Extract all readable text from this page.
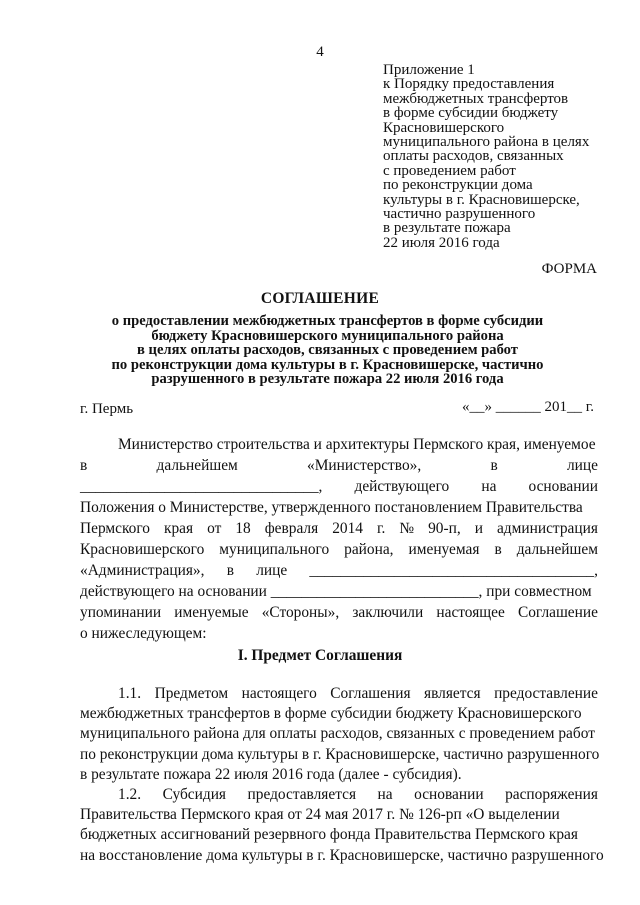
4
Приложение 1
к Порядку предоставления
межбюджетных трансфертов
в форме субсидии бюджету
Красновишерского
муниципального района в целях
оплаты расходов, связанных
с проведением работ
по реконструкции дома
культуры в г. Красновишерске,
частично разрушенного
в результате пожара
22 июля 2016 года
ФОРМА
СОГЛАШЕНИЕ
о предоставлении межбюджетных трансфертов в форме субсидии
бюджету Красновишерского муниципального района
в целях оплаты расходов, связанных с проведением работ
по реконструкции дома культуры в г. Красновишерске, частично
разрушенного в результате пожара 22 июля 2016 года
г. Пермь	«__» ______ 201__ г.
Министерство строительства и архитектуры Пермского края, именуемое
в	дальнейшем	«Министерство»,	в	лице
_______________________________, действующего на основании
Положения о Министерстве, утвержденного постановлением Правительства
Пермского края от 18 февраля 2014 г. № 90-п, и администрация
Красновишерского муниципального района, именуемая в дальнейшем
«Администрация», в лице _____________________________________,
действующего на основании ___________________________, при совместном
упоминании именуемые «Стороны», заключили настоящее Соглашение
о нижеследующем:
I. Предмет Соглашения
1.1. Предметом настоящего Соглашения является предоставление
межбюджетных трансфертов в форме субсидии бюджету Красновишерского
муниципального района для оплаты расходов, связанных с проведением работ
по реконструкции дома культуры в г. Красновишерске, частично разрушенного
в результате пожара 22 июля 2016 года (далее - субсидия).
1.2. Субсидия предоставляется на основании распоряжения
Правительства Пермского края от 24 мая 2017 г. № 126-рп «О выделении
бюджетных ассигнований резервного фонда Правительства Пермского края
на восстановление дома культуры в г. Красновишерске, частично разрушенного
